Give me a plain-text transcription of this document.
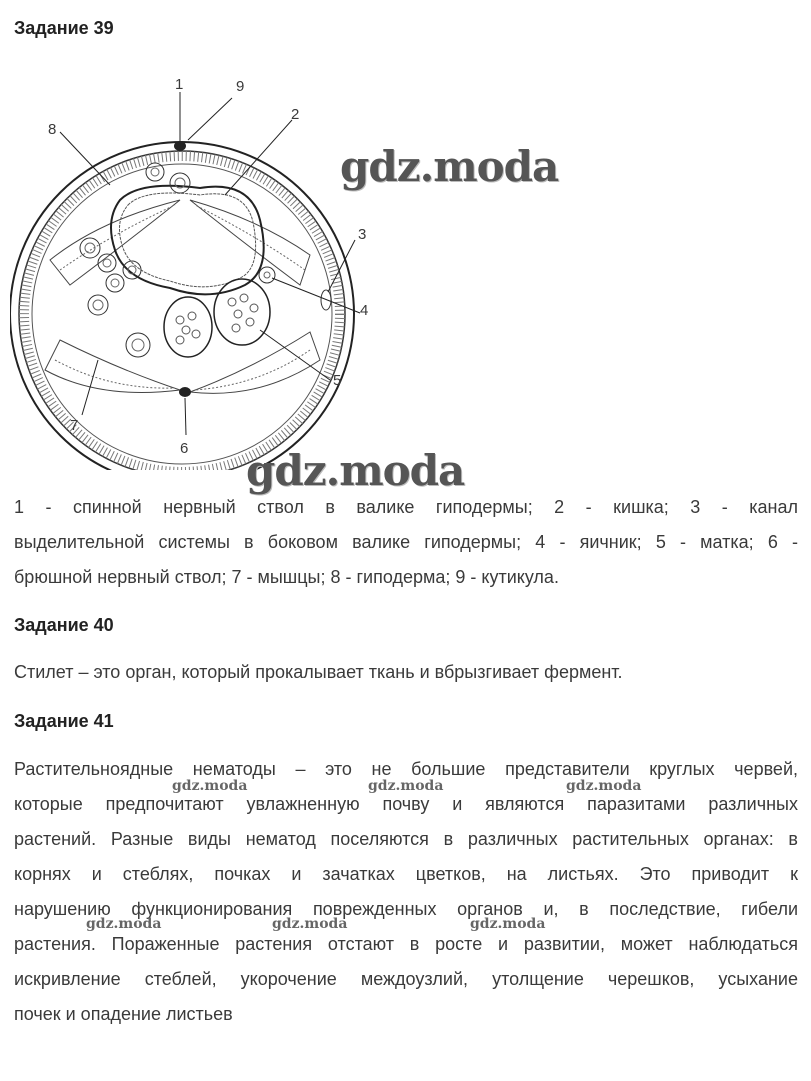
Задание 39
1	9
2
8
3
4
5
7
6
gdz.moda
gdz.moda
1 - спинной нервный ствол в валике гиподермы; 2 - кишка; 3 - канал
выделительной системы в боковом валике гиподермы; 4 - яичник; 5 - матка; 6 -
брюшной нервный ствол; 7 - мышцы; 8 - гиподерма; 9 - кутикула.
Задание 40

Стилет – это орган, который прокалывает ткань и вбрызгивает фермент.

Задание 41
Растительноядные нематоды – это не большие представители круглых червей,
которые предпочитают увлажненную почву и являются паразитами различных
растений. Разные виды нематод поселяются в различных растительных органах: в
корнях и стеблях, почках и зачатках цветков, на листьях. Это приводит к
нарушению функционирования поврежденных органов и, в последствие, гибели
растения. Пораженные растения отстают в росте и развитии, может наблюдаться
искривление стеблей, укорочение междоузлий, утолщение черешков, усыхание
почек и опадение листьев
gdz.moda	gdz.moda	gdz.moda
gdz.moda	gdz.moda	gdz.moda
